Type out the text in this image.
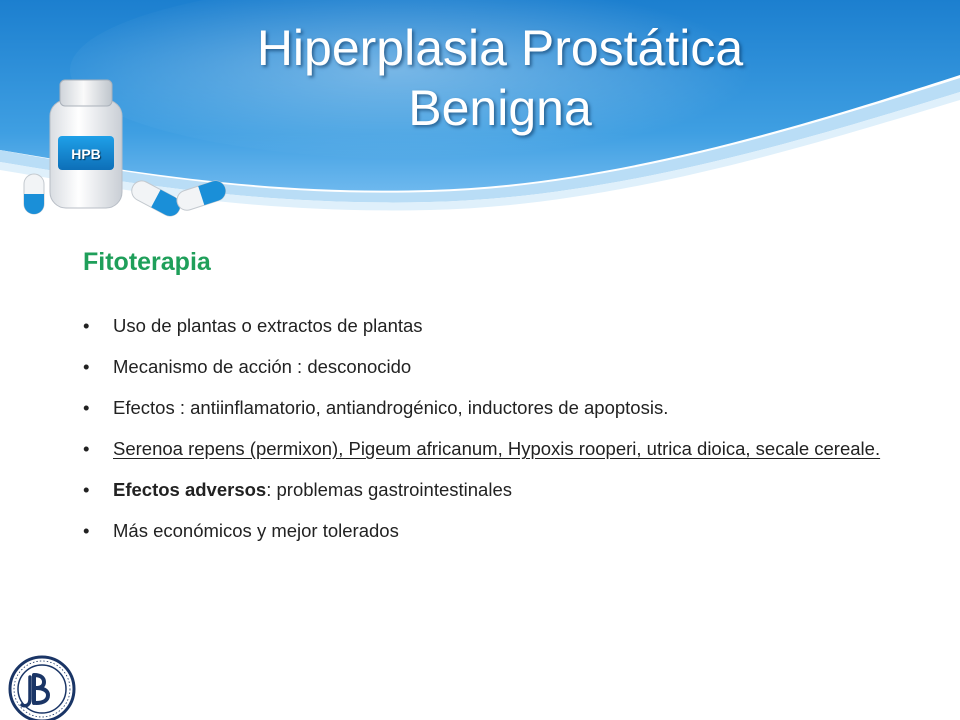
Hiperplasia Prostática
Benigna
HPB
Fitoterapia
• Uso de plantas o extractos de plantas
• Mecanismo de acción : desconocido
• Efectos : antiinflamatorio, antiandrogénico, inductores de apoptosis.
• Serenoa repens (permixon), Pigeum africanum, Hypoxis rooperi, utrica dioica, secale cereale.
• Efectos adversos: problemas gastrointestinales
• Más económicos y mejor tolerados
